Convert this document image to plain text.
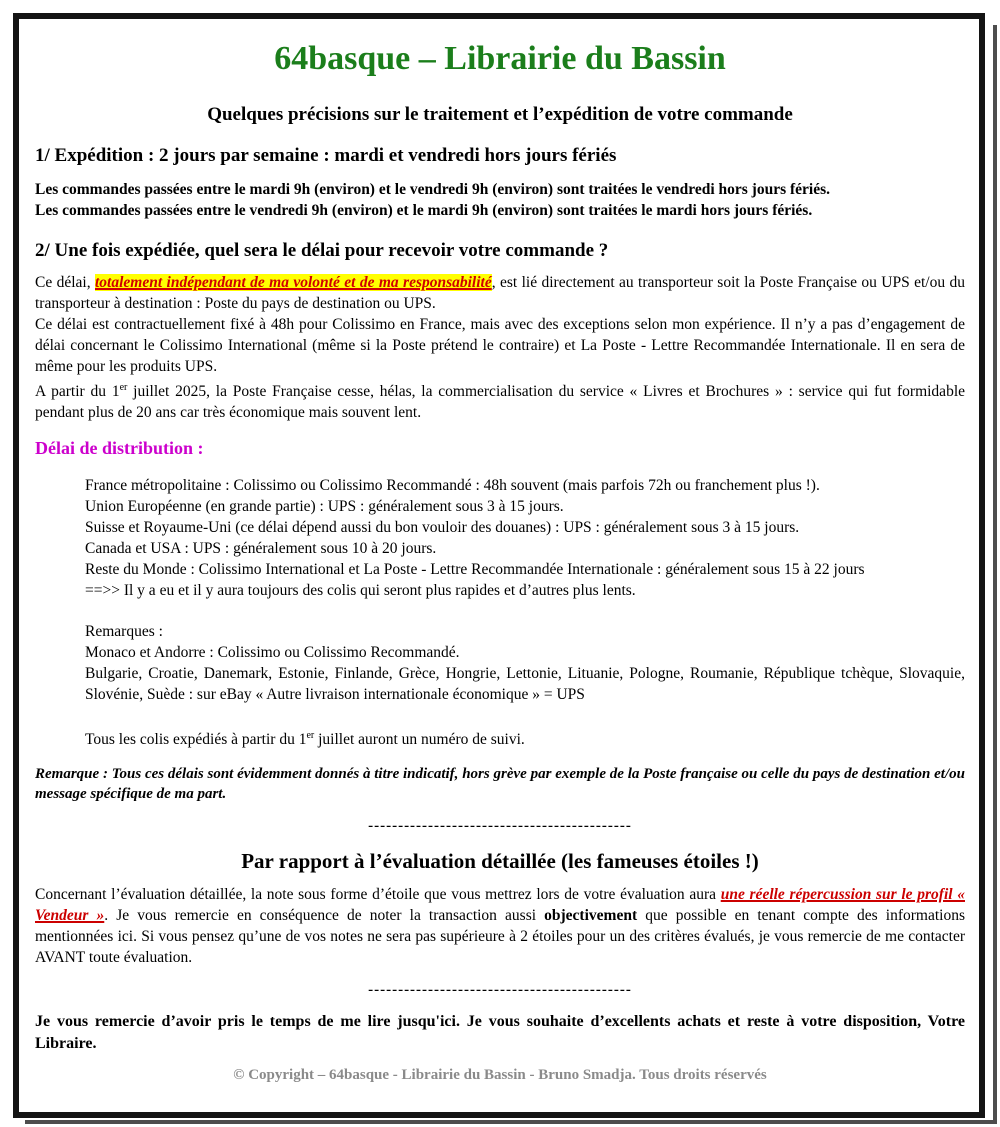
64basque – Librairie du Bassin
Quelques précisions sur le traitement et l’expédition de votre commande
1/ Expédition : 2 jours par semaine : mardi et vendredi hors jours fériés
Les commandes passées entre le mardi 9h (environ) et le vendredi 9h (environ) sont traitées le vendredi hors jours fériés.
Les commandes passées entre le vendredi 9h (environ) et le mardi 9h (environ) sont traitées le mardi hors jours fériés.
2/ Une fois expédiée, quel sera le délai pour recevoir votre commande ?

Ce délai, totalement indépendant de ma volonté et de ma responsabilité, est lié directement au transporteur soit la Poste Française ou UPS et/ou du transporteur à destination : Poste du pays de destination ou UPS.

Ce délai est contractuellement fixé à 48h pour Colissimo en France, mais avec des exceptions selon mon expérience. Il n’y a pas d’engagement de délai concernant le Colissimo International (même si la Poste prétend le contraire) et La Poste - Lettre Recommandée Internationale. Il en sera de même pour les produits UPS.

A partir du 1er juillet 2025, la Poste Française cesse, hélas, la commercialisation du service « Livres et Brochures » : service qui fut formidable pendant plus de 20 ans car très économique mais souvent lent.

Délai de distribution :
France métropolitaine : Colissimo ou Colissimo Recommandé : 48h souvent (mais parfois 72h ou franchement plus !).
Union Européenne (en grande partie) : UPS : généralement sous 3 à 15 jours.
Suisse et Royaume-Uni (ce délai dépend aussi du bon vouloir des douanes) : UPS : généralement sous 3 à 15 jours.
Canada et USA : UPS : généralement sous 10 à 20 jours.
Reste du Monde : Colissimo International et La Poste - Lettre Recommandée Internationale : généralement sous 15 à 22 jours
==>> Il y a eu et il y aura toujours des colis qui seront plus rapides et d’autres plus lents.
Remarques :
Monaco et Andorre : Colissimo ou Colissimo Recommandé.
Bulgarie, Croatie, Danemark, Estonie, Finlande, Grèce, Hongrie, Lettonie, Lituanie, Pologne, Roumanie, République tchèque, Slovaquie, Slovénie, Suède : sur eBay « Autre livraison internationale économique » = UPS
Tous les colis expédiés à partir du 1er juillet auront un numéro de suivi.

Remarque : Tous ces délais sont évidemment donnés à titre indicatif, hors grève par exemple de la Poste française ou celle du pays de destination et/ou message spécifique de ma part.

--------------------------------------------
Par rapport à l’évaluation détaillée (les fameuses étoiles !)

Concernant l’évaluation détaillée, la note sous forme d’étoile que vous mettrez lors de votre évaluation aura une réelle répercussion sur le profil « Vendeur ». Je vous remercie en conséquence de noter la transaction aussi objectivement que possible en tenant compte des informations mentionnées ici. Si vous pensez qu’une de vos notes ne sera pas supérieure à 2 étoiles pour un des critères évalués, je vous remercie de me contacter AVANT toute évaluation.

--------------------------------------------

Je vous remercie d’avoir pris le temps de me lire jusqu'ici. Je vous souhaite d’excellents achats et reste à votre disposition, Votre Libraire.

© Copyright – 64basque - Librairie du Bassin - Bruno Smadja. Tous droits réservés
